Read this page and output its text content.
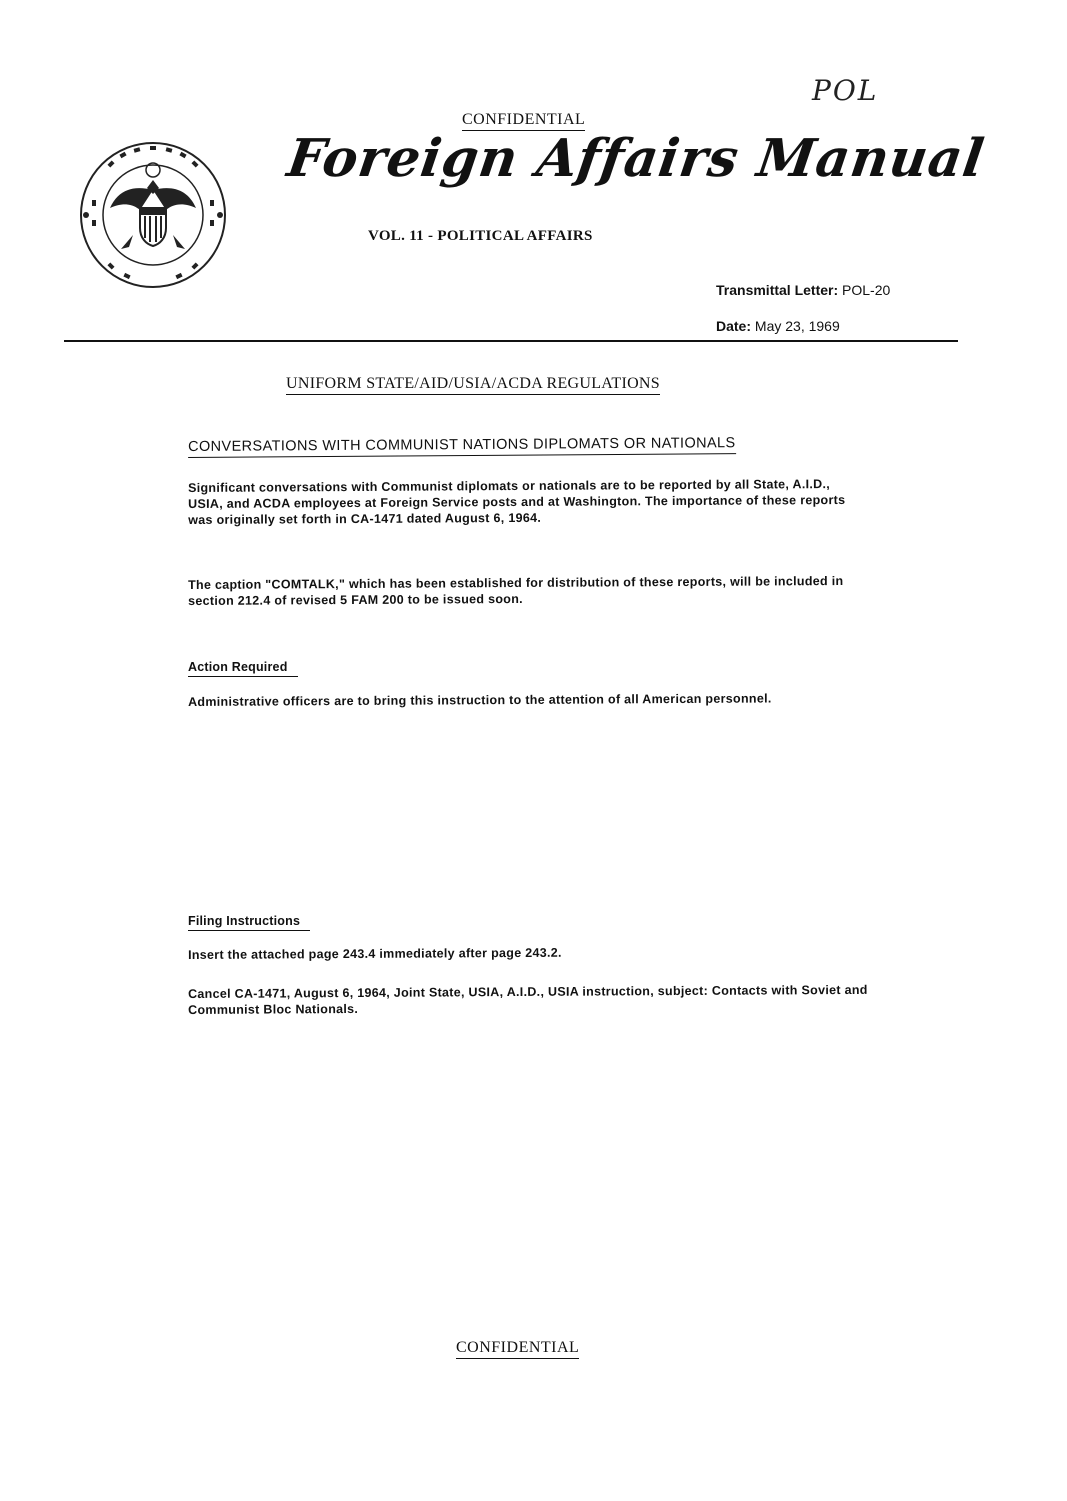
POL
CONFIDENTIAL
Foreign Affairs Manual
VOL. 11 - POLITICAL AFFAIRS
Transmittal Letter: POL-20
Date: May 23, 1969
UNIFORM STATE/AID/USIA/ACDA REGULATIONS
CONVERSATIONS WITH COMMUNIST NATIONS DIPLOMATS OR NATIONALS
Significant conversations with Communist diplomats or nationals are to be reported by all State, A.I.D., USIA, and ACDA employees at Foreign Service posts and at Washington. The importance of these reports was originally set forth in CA-1471 dated August 6, 1964.
The caption "COMTALK," which has been established for distribution of these reports, will be included in section 212.4 of revised 5 FAM 200 to be issued soon.
Action Required
Administrative officers are to bring this instruction to the attention of all American personnel.
Filing Instructions
Insert the attached page 243.4 immediately after page 243.2.
Cancel CA-1471, August 6, 1964, Joint State, USIA, A.I.D., USIA instruction, subject: Contacts with Soviet and Communist Bloc Nationals.
CONFIDENTIAL
